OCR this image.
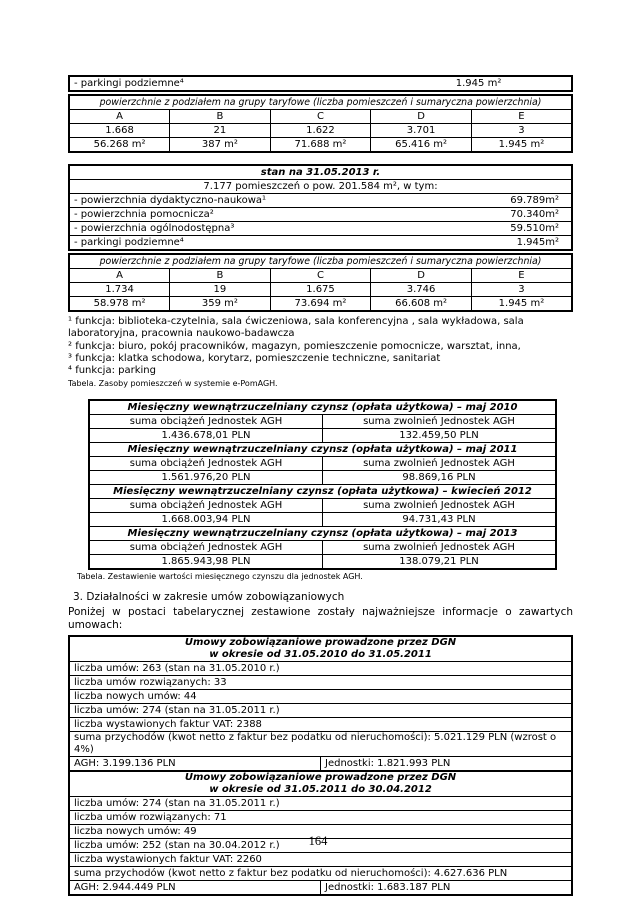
- parkingi podziemne⁴	1.945 m²
powierzchnie z podziałem na grupy taryfowe (liczba pomieszczeń i sumaryczna powierzchnia)				
A	B	C	D	E
1.668	21	1.622	3.701	3
56.268 m²	387 m²	71.688 m²	65.416 m²	1.945 m²
stan na 31.05.2013 r.
7.177 pomieszczeń o pow. 201.584 m², w tym:

- powierzchnia dydaktyczno-naukowa¹	69.789m²

- powierzchnia pomocnicza²	70.340m²

- powierzchnia ogólnodostępna³	59.510m²

- parkingi podziemne⁴	1.945m²
powierzchnie z podziałem na grupy taryfowe (liczba pomieszczeń i sumaryczna powierzchnia)				
A	B	C	D	E
1.734	19	1.675	3.746	3
58.978 m²	359 m²	73.694 m²	66.608 m²	1.945 m²
¹ funkcja: biblioteka-czytelnia, sala ćwiczeniowa, sala konferencyjna , sala wykładowa, sala laboratoryjna, pracownia naukowo-badawcza
² funkcja: biuro, pokój pracowników, magazyn, pomieszczenie pomocnicze, warsztat, inna,
³ funkcja: klatka schodowa, korytarz, pomieszczenie techniczne, sanitariat
⁴ funkcja: parking
Tabela. Zasoby pomieszczeń w systemie e-PomAGH.
Miesięczny wewnątrzuczelniany czynsz (opłata użytkowa) – maj 2010	
suma obciążeń Jednostek AGH	suma zwolnień Jednostek AGH
1.436.678,01 PLN	132.459,50 PLN
Miesięczny wewnątrzuczelniany czynsz (opłata użytkowa) – maj 2011	
suma obciążeń Jednostek AGH	suma zwolnień Jednostek AGH
1.561.976,20 PLN	98.869,16 PLN
Miesięczny wewnątrzuczelniany czynsz (opłata użytkowa) – kwiecień 2012	
suma obciążeń Jednostek AGH	suma zwolnień Jednostek AGH
1.668.003,94 PLN	94.731,43 PLN
Miesięczny wewnątrzuczelniany czynsz (opłata użytkowa) – maj 2013	
suma obciążeń Jednostek AGH	suma zwolnień Jednostek AGH
1.865.943,98 PLN	138.079,21 PLN
Tabela. Zestawienie wartości miesięcznego czynszu dla jednostek AGH.
3. Działalności w zakresie umów zobowiązaniowych
Poniżej w postaci tabelarycznej zestawione zostały najważniejsze informacje o zawartych umowach:
Umowy zobowiązaniowe prowadzone przez DGN
w okresie od 31.05.2010 do 31.05.2011

liczba umów: 263 (stan na 31.05.2010 r.)
liczba umów rozwiązanych: 33
liczba nowych umów: 44
liczba umów: 274 (stan na 31.05.2011 r.)
liczba wystawionych faktur VAT: 2388
suma przychodów (kwot netto z faktur bez podatku od nieruchomości): 5.021.129 PLN (wzrost o 4%)
AGH: 3.199.136 PLN	Jednostki: 1.821.993 PLN
Umowy zobowiązaniowe prowadzone przez DGN
w okresie od 31.05.2011 do 30.04.2012

liczba umów: 274 (stan na 31.05.2011 r.)
liczba umów rozwiązanych: 71
liczba nowych umów: 49
liczba umów: 252 (stan na 30.04.2012 r.)
liczba wystawionych faktur VAT: 2260
suma przychodów (kwot netto z faktur bez podatku od nieruchomości): 4.627.636 PLN
AGH: 2.944.449 PLN	Jednostki: 1.683.187 PLN
164
